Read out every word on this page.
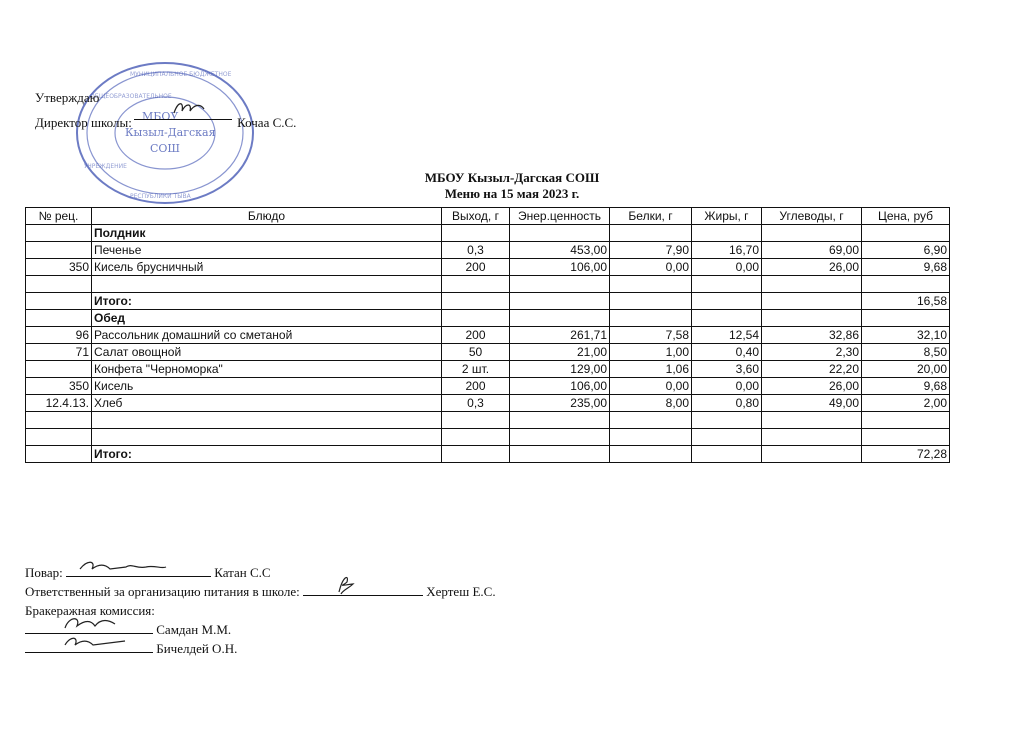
МУНИЦИПАЛЬНОЕ БЮДЖЕТНОЕ
ОБЩЕОБРАЗОВАТЕЛЬНОЕ
УЧРЕЖДЕНИЕ
РЕСПУБЛИКИ ТЫВА
МБОУ
Кызыл-Дагская
СОШ
Утверждаю
Директор школы:	Кочаа С.С.
МБОУ Кызыл-Дагская СОШ
Меню на 15 мая 2023 г.
№ рец.	Блюдо	Выход, г	Энер.ценность	Белки, г	Жиры, г	Углеводы, г	Цена, руб
	Полдник						
	Печенье	0,3	453,00	7,90	16,70	69,00	6,90
350	Кисель брусничный	200	106,00	0,00	0,00	26,00	9,68

	Итого:						16,58
	Обед						
96	Рассольник домашний со сметаной	200	261,71	7,58	12,54	32,86	32,10
71	Салат овощной	50	21,00	1,00	0,40	2,30	8,50
	Конфета "Черноморка"	2 шт.	129,00	1,06	3,60	22,20	20,00
350	Кисель	200	106,00	0,00	0,00	26,00	9,68
12.4.13.	Хлеб	0,3	235,00	8,00	0,80	49,00	2,00

	Итого:						72,28
Повар:	Катан С.С
Ответственный за организацию питания в школе:	Хертеш Е.С.
Бракеражная комиссия:
Самдан М.М.
Бичелдей О.Н.
